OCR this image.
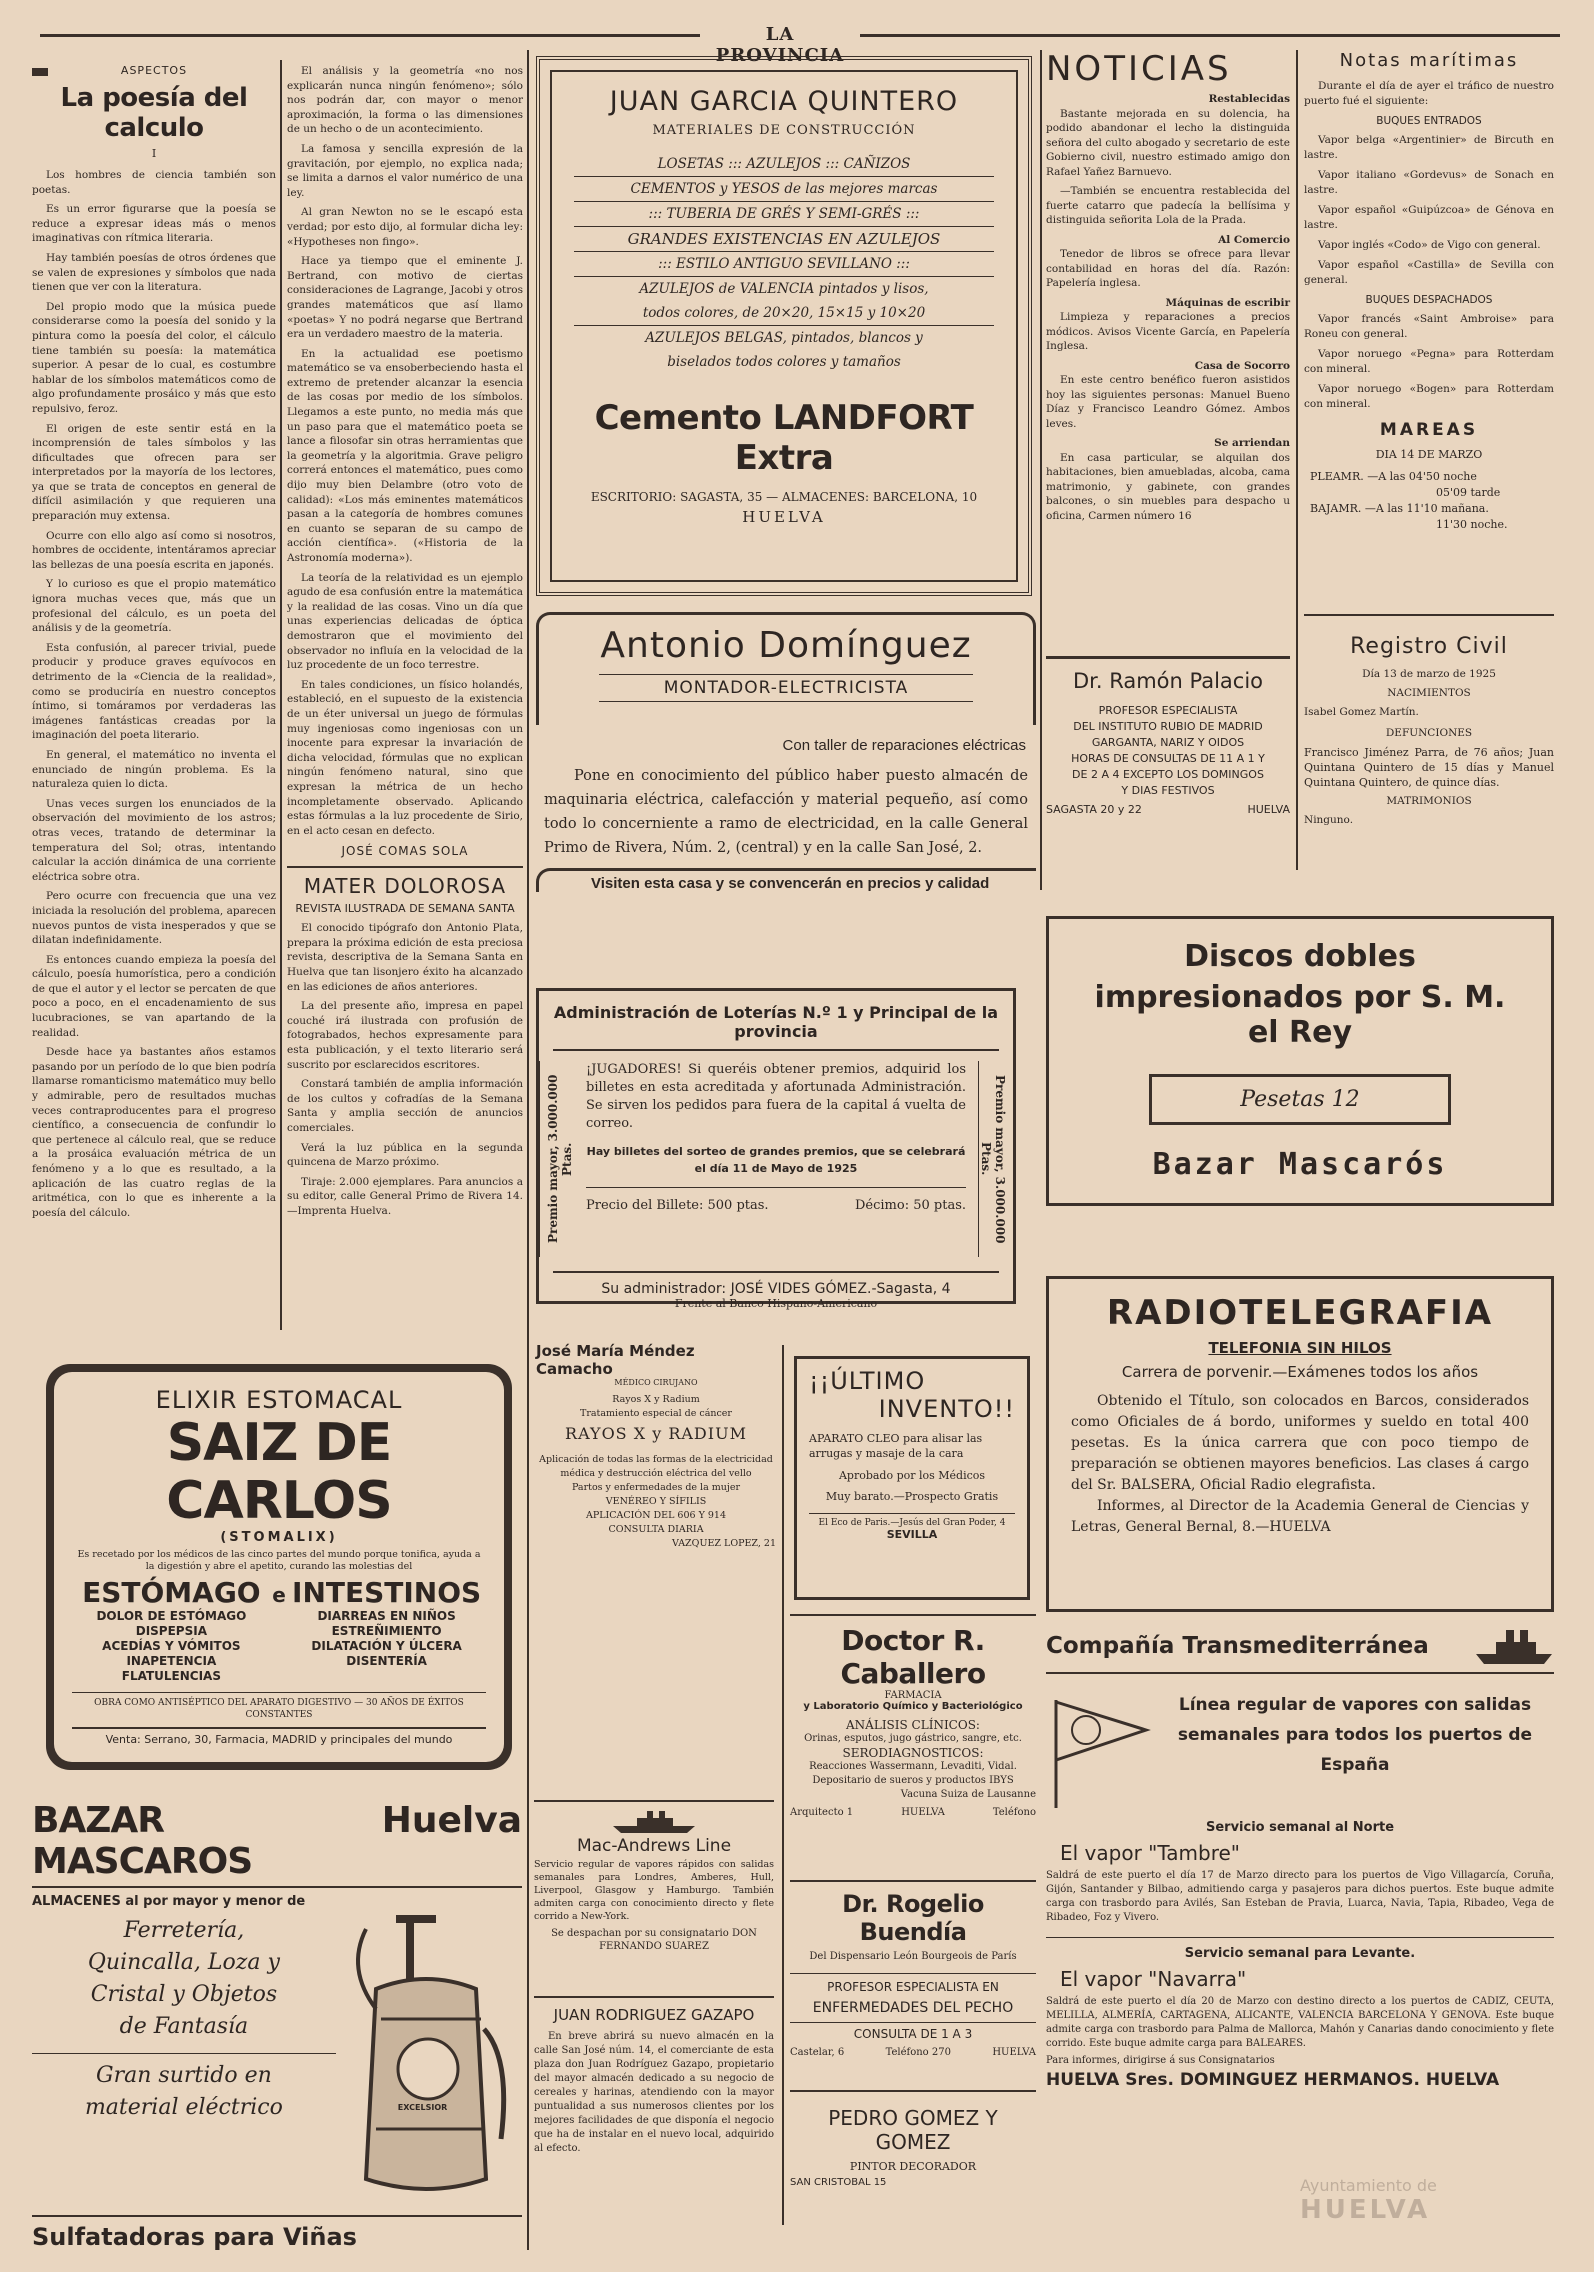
LA PROVINCIA
ASPECTOS
La poesía del calculo
I

Los hombres de ciencia también son poetas.

Es un error figurarse que la poesía se reduce a expresar ideas más o menos imaginativas con rítmica literaria.

Hay también poesías de otros órdenes que se valen de expresiones y símbolos que nada tienen que ver con la literatura.

Del propio modo que la música puede considerarse como la poesía del sonido y la pintura como la poesía del color, el cálculo tiene también su poesía: la matemática superior. A pesar de lo cual, es costumbre hablar de los símbolos matemáticos como de algo profundamente prosáico y más que esto repulsivo, feroz.

El origen de este sentir está en la incomprensión de tales símbolos y las dificultades que ofrecen para ser interpretados por la mayoría de los lectores, ya que se trata de conceptos en general de difícil asimilación y que requieren una preparación muy extensa.

Ocurre con ello algo así como si nosotros, hombres de occidente, intentáramos apreciar las bellezas de una poesía escrita en japonés.

Y lo curioso es que el propio matemático ignora muchas veces que, más que un profesional del cálculo, es un poeta del análisis y de la geometría.

Esta confusión, al parecer trivial, puede producir y produce graves equívocos en detrimento de la «Ciencia de la realidad», como se produciría en nuestro conceptos íntimo, si tomáramos por verdaderas las imágenes fantásticas creadas por la imaginación del poeta literario.

En general, el matemático no inventa el enunciado de ningún problema. Es la naturaleza quien lo dicta.

Unas veces surgen los enunciados de la observación del movimiento de los astros; otras veces, tratando de determinar la temperatura del Sol; otras, intentando calcular la acción dinámica de una corriente eléctrica sobre otra.

Pero ocurre con frecuencia que una vez iniciada la resolución del problema, aparecen nuevos puntos de vista inesperados y que se dilatan indefinidamente.

Es entonces cuando empieza la poesía del cálculo, poesía humorística, pero a condición de que el autor y el lector se percaten de que poco a poco, en el encadenamiento de sus lucubraciones, se van apartando de la realidad.

Desde hace ya bastantes años estamos pasando por un período de lo que bien podría llamarse romanticismo matemático muy bello y admirable, pero de resultados muchas veces contraproducentes para el progreso científico, a consecuencia de confundir lo que pertenece al cálculo real, que se reduce a la prosáica evaluación métrica de un fenómeno y a lo que es resultado, a la aplicación de las cuatro reglas de la aritmética, con lo que es inherente a la poesía del cálculo.

El análisis y la geometría «no nos explicarán nunca ningún fenómeno»; sólo nos podrán dar, con mayor o menor aproximación, la forma o las dimensiones de un hecho o de un acontecimiento.

La famosa y sencilla expresión de la gravitación, por ejemplo, no explica nada; se limita a darnos el valor numérico de una ley.

Al gran Newton no se le escapó esta verdad; por esto dijo, al formular dicha ley: «Hypotheses non fingo».

Hace ya tiempo que el eminente J. Bertrand, con motivo de ciertas consideraciones de Lagrange, Jacobi y otros grandes matemáticos que así llamo «poetas» Y no podrá negarse que Bertrand era un verdadero maestro de la materia.

En la actualidad ese poetismo matemático se va ensoberbeciendo hasta el extremo de pretender alcanzar la esencia de las cosas por medio de los símbolos. Llegamos a este punto, no media más que un paso para que el matemático poeta se lance a filosofar sin otras herramientas que la geometría y la algoritmia. Grave peligro correrá entonces el matemático, pues como dijo muy bien Delambre (otro voto de calidad): «Los más eminentes matemáticos pasan a la categoría de hombres comunes en cuanto se separan de su campo de acción científica». («Historia de la Astronomía moderna»).

La teoría de la relatividad es un ejemplo agudo de esa confusión entre la matemática y la realidad de las cosas. Vino un día que unas experiencias delicadas de óptica demostraron que el movimiento del observador no influía en la velocidad de la luz procedente de un foco terrestre.

En tales condiciones, un físico holandés, estableció, en el supuesto de la existencia de un éter universal un juego de fórmulas muy ingeniosas como ingeniosas con un inocente para expresar la invariación de dicha velocidad, fórmulas que no explican ningún fenómeno natural, sino que expresan la métrica de un hecho incompletamente observado. Aplicando estas fórmulas a la luz procedente de Sirio, en el acto cesan en defecto.

JOSÉ COMAS SOLA
MATER DOLOROSA
REVISTA ILUSTRADA DE SEMANA SANTA

El conocido tipógrafo don Antonio Plata, prepara la próxima edición de esta preciosa revista, descriptiva de la Semana Santa en Huelva que tan lisonjero éxito ha alcanzado en las ediciones de años anteriores.

La del presente año, impresa en papel couché irá ilustrada con profusión de fotograbados, hechos expresamente para esta publicación, y el texto literario será suscrito por esclarecidos escritores.

Constará también de amplia información de los cultos y cofradías de la Semana Santa y amplia sección de anuncios comerciales.

Verá la luz pública en la segunda quincena de Marzo próximo.

Tiraje: 2.000 ejemplares. Para anuncios a su editor, calle General Primo de Rivera 14.—Imprenta Huelva.

JUAN GARCIA QUINTERO
MATERIALES DE CONSTRUCCIÓN
LOSETAS ::: AZULEJOS ::: CAÑIZOS
CEMENTOS y YESOS de las mejores marcas
::: TUBERIA DE GRÉS Y SEMI-GRÉS :::
GRANDES EXISTENCIAS EN AZULEJOS
::: ESTILO ANTIGUO SEVILLANO :::
AZULEJOS de VALENCIA pintados y lisos,
todos colores, de 20×20, 15×15 y 10×20
AZULEJOS BELGAS, pintados, blancos y
biselados todos colores y tamaños
Cemento LANDFORT Extra
ESCRITORIO: SAGASTA, 35 — ALMACENES: BARCELONA, 10
HUELVA
Antonio Domínguez
MONTADOR-ELECTRICISTA
Con taller de reparaciones eléctricas
Pone en conocimiento del público haber puesto almacén de maquinaria eléctrica, calefacción y material pequeño, así como todo lo concerniente a ramo de electricidad, en la calle General Primo de Rivera, Núm. 2, (central) y en la calle San José, 2.
Visiten esta casa y se convencerán en precios y calidad
NOTICIAS
Restablecidas

Bastante mejorada en su dolencia, ha podido abandonar el lecho la distinguida señora del culto abogado y secretario de este Gobierno civil, nuestro estimado amigo don Rafael Yañez Barnuevo.

—También se encuentra restablecida del fuerte catarro que padecía la bellísima y distinguida señorita Lola de la Prada.

Al Comercio

Tenedor de libros se ofrece para llevar contabilidad en horas del día. Razón: Papelería inglesa.

Máquinas de escribir

Limpieza y reparaciones a precios módicos. Avisos Vicente García, en Papelería Inglesa.

Casa de Socorro

En este centro benéfico fueron asistidos hoy las siguientes personas: Manuel Bueno Díaz y Francisco Leandro Gómez. Ambos leves.

Se arriendan

En casa particular, se alquilan dos habitaciones, bien amuebladas, alcoba, cama matrimonio, y gabinete, con grandes balcones, o sin muebles para despacho u oficina, Carmen número 16

Dr. Ramón Palacio
PROFESOR ESPECIALISTA
DEL INSTITUTO RUBIO DE MADRID
GARGANTA, NARIZ Y OIDOS
HORAS DE CONSULTAS DE 11 A 1 Y
DE 2 A 4 EXCEPTO LOS DOMINGOS
Y DIAS FESTIVOS
SAGASTA 20 y 22	HUELVA
Notas marítimas

Durante el día de ayer el tráfico de nuestro puerto fué el siguiente:

BUQUES ENTRADOS

Vapor belga «Argentinier» de Bircuth en lastre.

Vapor italiano «Gordevus» de Sonach en lastre.

Vapor español «Guipúzcoa» de Génova en lastre.

Vapor inglés «Codo» de Vigo con general.

Vapor español «Castilla» de Sevilla con general.

BUQUES DESPACHADOS

Vapor francés «Saint Ambroise» para Roneu con general.

Vapor noruego «Pegna» para Rotterdam con mineral.

Vapor noruego «Bogen» para Rotterdam con mineral.

MAREAS
DIA 14 DE MARZO
PLEAMR. —A las 04'50 noche
05'09 tarde
BAJAMR. —A las 11'10 mañana.
11'30 noche.
Registro Civil
Día 13 de marzo de 1925
NACIMIENTOS
Isabel Gomez Martín.
DEFUNCIONES
Francisco Jiménez Parra, de 76 años; Juan Quintana Quintero de 15 días y Manuel Quintana Quintero, de quince días.
MATRIMONIOS
Ninguno.
Discos dobles
impresionados por S. M. el Rey
Pesetas 12
Bazar Mascarós
Administración de Loterías N.º 1 y Principal de la provincia
Premio mayor, 3.000.000 Ptas.
¡JUGADORES! Si queréis obtener premios, adquirid los billetes en esta acreditada y afortunada Administración. Se sirven los pedidos para fuera de la capital á vuelta de correo.
Hay billetes del sorteo de grandes premios, que se celebrará el día 11 de Mayo de 1925
Precio del Billete: 500 ptas.	Décimo: 50 ptas.	Premio mayor, 3.000.000 Ptas.
Su administrador: JOSÉ VIDES GÓMEZ.-Sagasta, 4
Frente al Banco Hispano-Americano	RADIOTELEGRAFIA
TELEFONIA SIN HILOS
Carrera de porvenir.—Exámenes todos los años
Obtenido el Título, son colocados en Barcos, considerados como Oficiales de á bordo, uniformes y sueldo en total 400 pesetas. Es la única carrera que con poco tiempo de preparación se obtienen mayores beneficios. Las clases á cargo del Sr. BALSERA, Oficial Radio elegrafista.
Informes, al Director de la Academia General de Ciencias y Letras, General Bernal, 8.—HUELVA
ELIXIR ESTOMACAL
SAIZ DE CARLOS
(STOMALIX)
Es recetado por los médicos de las cinco partes del mundo porque tonifica, ayuda a la digestión y abre el apetito, curando las molestias del
ESTÓMAGO
DOLOR DE ESTÓMAGO
DISPEPSIA
ACEDÍAS Y VÓMITOS
INAPETENCIA
FLATULENCIAS
e INTESTINOS
DIARREAS EN NIÑOS
ESTREÑIMIENTO
DILATACIÓN Y ÚLCERA
DISENTERÍA
OBRA COMO ANTISÉPTICO DEL APARATO DIGESTIVO — 30 AÑOS DE ÉXITOS CONSTANTES
Venta: Serrano, 30, Farmacia, MADRID y principales del mundo
BAZAR MASCAROS
Huelva
ALMACENES al por mayor y menor de
Ferretería,
Quincalla, Loza y
Cristal y Objetos
de Fantasía
Gran surtido en
material eléctrico	EXCELSIOR
Sulfatadoras para Viñas
José María Méndez Camacho
MÉDICO CIRUJANO
Rayos X y Radium
Tratamiento especial de cáncer
RAYOS X y RADIUM
Aplicación de todas las formas de la electricidad médica y destrucción eléctrica del vello
Partos y enfermedades de la mujer
VENÉREO Y SÍFILIS
APLICACIÓN DEL 606 Y 914
CONSULTA DIARIA
VAZQUEZ LOPEZ, 21
¡¡ÚLTIMO
INVENTO!!
APARATO CLEO para alisar las arrugas y masaje de la cara
Aprobado por los Médicos
Muy barato.—Prospecto Gratis
El Eco de Paris.—Jesús del Gran Poder, 4
SEVILLA
Doctor R. Caballero
FARMACIA
y Laboratorio Químico y Bacteriológico
ANÁLISIS CLÍNICOS:
Orinas, esputos, jugo gástrico, sangre, etc.
SERODIAGNOSTICOS:
Reacciones Wassermann, Levaditi, Vidal. Depositario de sueros y productos IBYS
Vacuna Suiza de Lausanne
Arquitecto 1	HUELVA	Teléfono
Mac-Andrews Line
Servicio regular de vapores rápidos con salidas semanales para Londres, Amberes, Hull, Liverpool, Glasgow y Hamburgo. También admiten carga con conocimiento directo y flete corrido a New-York.
Se despachan por su consignatario DON FERNANDO SUAREZ
Dr. Rogelio Buendía
Del Dispensario León Bourgeois de París
PROFESOR ESPECIALISTA EN
ENFERMEDADES DEL PECHO
CONSULTA DE 1 A 3
Castelar, 6	Teléfono 270	HUELVA
JUAN RODRIGUEZ GAZAPO
En breve abrirá su nuevo almacén en la calle San José núm. 14, el comerciante de esta plaza don Juan Rodríguez Gazapo, propietario del mayor almacén dedicado a su negocio de cereales y harinas, atendiendo con la mayor puntualidad a sus numerosos clientes por los mejores facilidades de que disponía el negocio que ha de instalar en el nuevo local, adquirido al efecto.
PEDRO GOMEZ Y GOMEZ
PINTOR DECORADOR
SAN CRISTOBAL 15
Compañía Transmediterránea
Línea regular de vapores con salidas semanales para todos los puertos de España
Servicio semanal al Norte
El vapor "Tambre"
Saldrá de este puerto el día 17 de Marzo directo para los puertos de Vigo Villagarcía, Coruña, Gijón, Santander y Bilbao, admitiendo carga y pasajeros para dichos puertos. Este buque admite carga con trasbordo para Avilés, San Esteban de Pravia, Luarca, Navia, Tapia, Ribadeo, Vega de Ribadeo, Foz y Vivero.
Servicio semanal para Levante.
El vapor "Navarra"
Saldrá de este puerto el día 20 de Marzo con destino directo a los puertos de CADIZ, CEUTA, MELILLA, ALMERÍA, CARTAGENA, ALICANTE, VALENCIA BARCELONA Y GENOVA. Este buque admite carga con trasbordo para Palma de Mallorca, Mahón y Canarias dando conocimiento y flete corrido. Este buque admite carga para BALEARES.
Para informes, dirigirse á sus Consignatarios
HUELVA Sres. DOMINGUEZ HERMANOS. HUELVA
Ayuntamiento de
HUELVA
